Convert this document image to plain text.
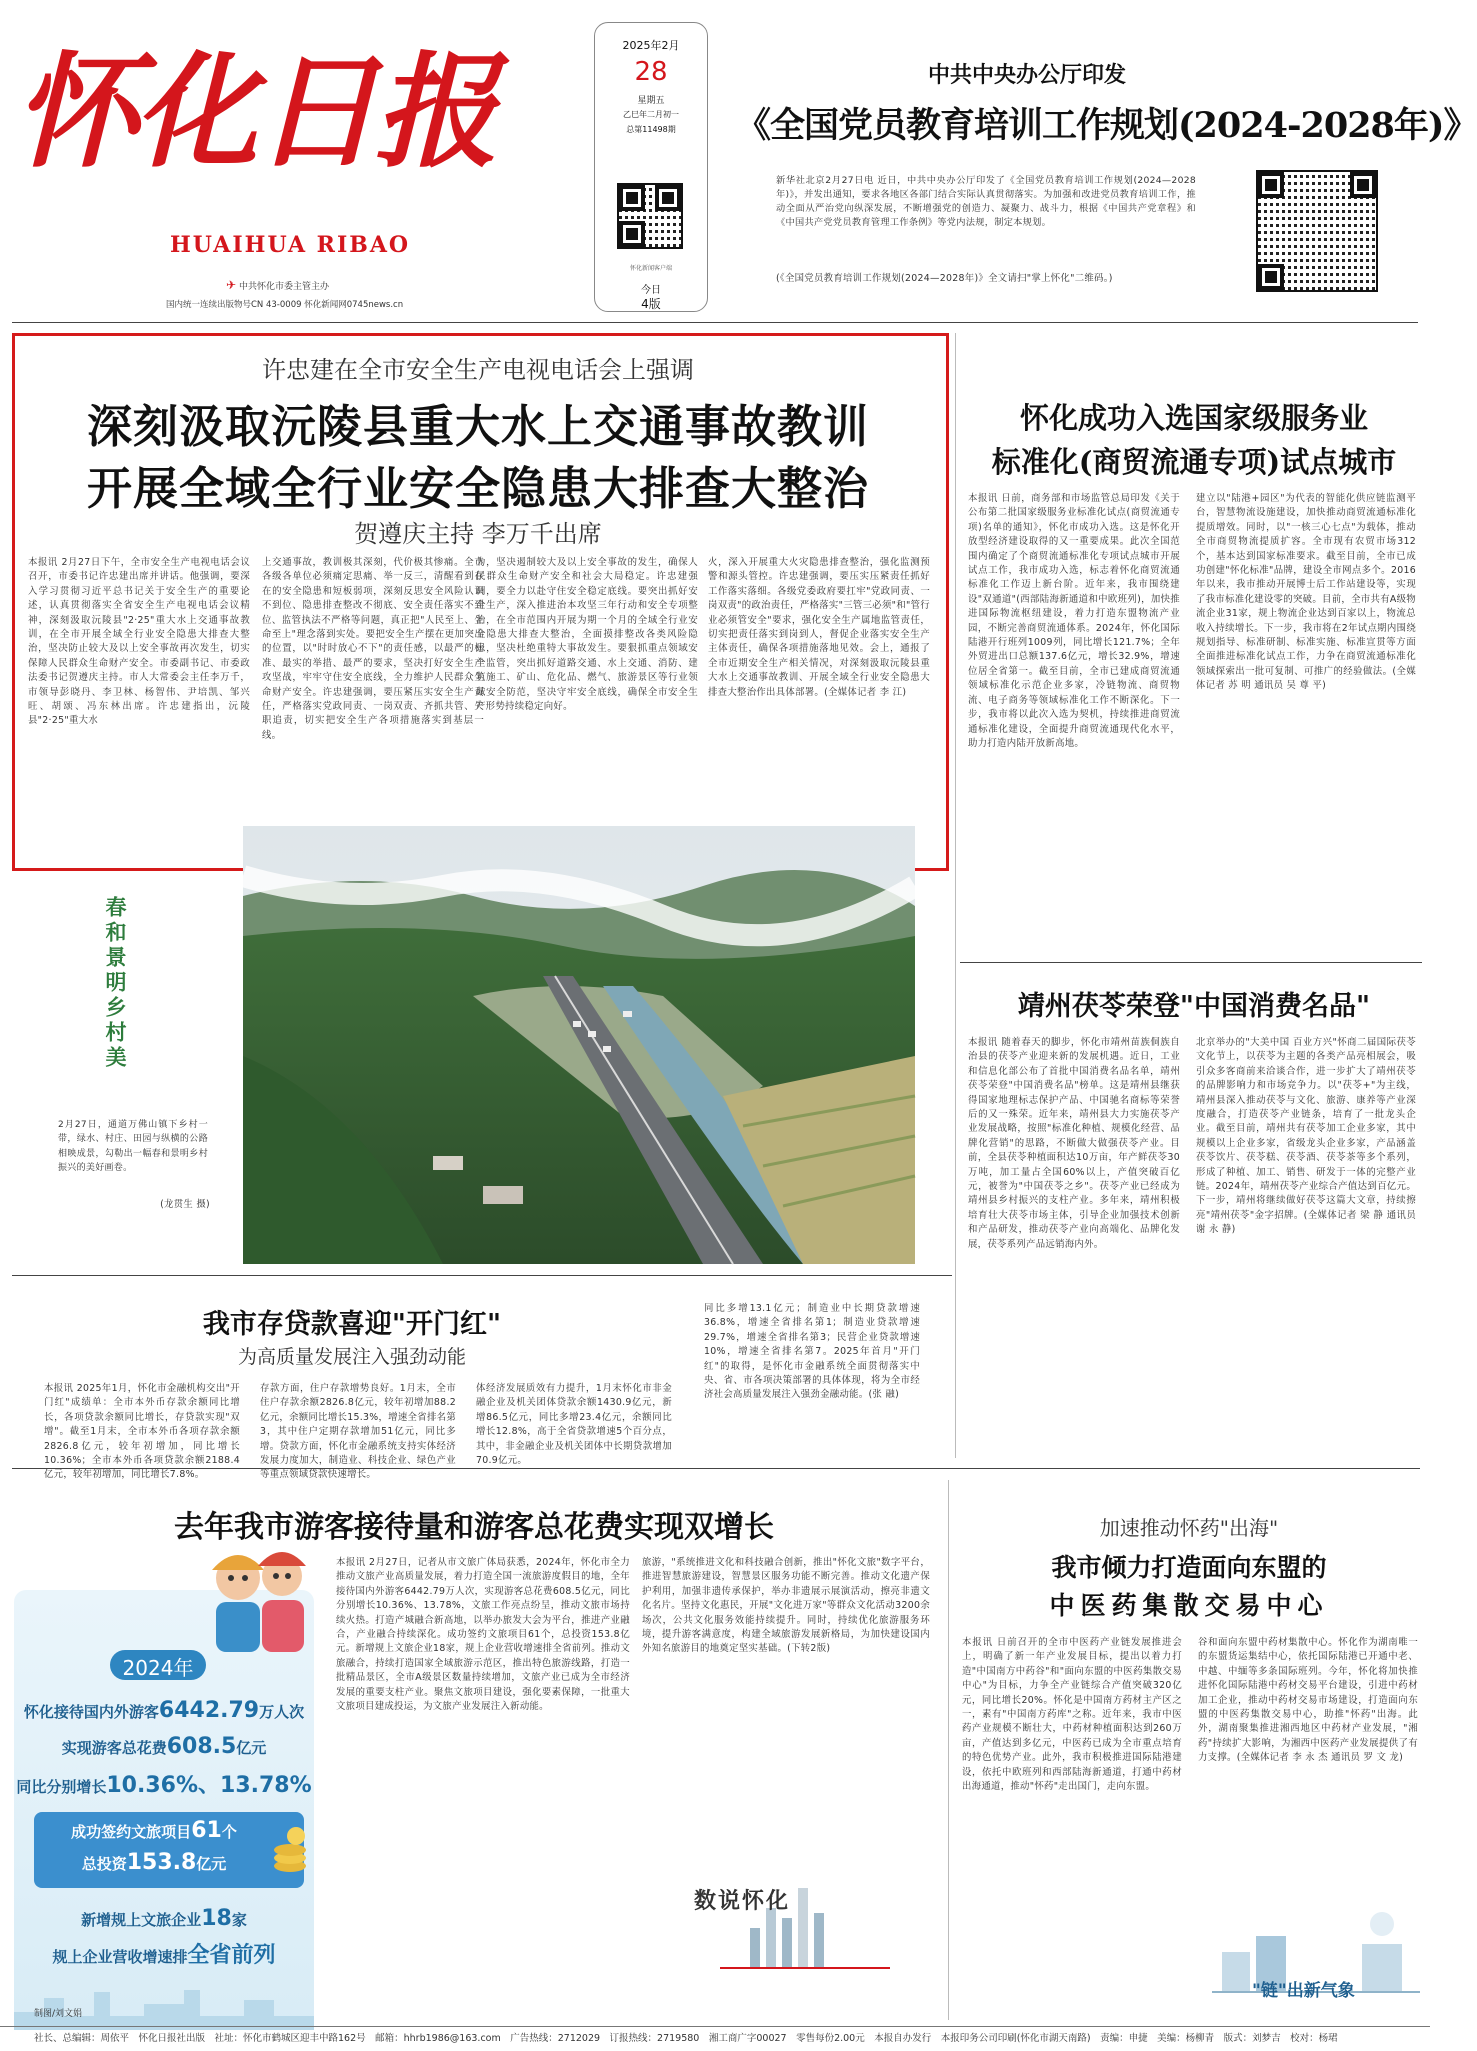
怀化日报
HUAIHUA RIBAO
✈ 中共怀化市委主管主办
国内统一连续出版物号CN 43-0009 怀化新闻网0745news.cn
2025年2月
28
星期五
乙巳年二月初一
总第11498期
怀化新闻客户端
今日
4版
中共中央办公厅印发
《全国党员教育培训工作规划(2024-2028年)》
新华社北京2月27日电 近日，中共中央办公厅印发了《全国党员教育培训工作规划(2024—2028年)》，并发出通知，要求各地区各部门结合实际认真贯彻落实。为加强和改进党员教育培训工作，推动全面从严治党向纵深发展，不断增强党的创造力、凝聚力、战斗力，根据《中国共产党章程》和《中国共产党党员教育管理工作条例》等党内法规，制定本规划。
(《全国党员教育培训工作规划(2024—2028年)》全文请扫"掌上怀化"二维码。)
许忠建在全市安全生产电视电话会上强调
深刻汲取沅陵县重大水上交通事故教训
开展全域全行业安全隐患大排查大整治
贺遵庆主持 李万千出席
本报讯 2月27日下午，全市安全生产电视电话会议召开，市委书记许忠建出席并讲话。他强调，要深入学习贯彻习近平总书记关于安全生产的重要论述，认真贯彻落实全省安全生产电视电话会议精神，深刻汲取沅陵县"2·25"重大水上交通事故教训，在全市开展全域全行业安全隐患大排查大整治，坚决防止较大及以上安全事故再次发生，切实保障人民群众生命财产安全。市委副书记、市委政法委书记贺遵庆主持。市人大常委会主任李万千，市领导彭晓丹、李卫林、杨智伟、尹培凯、邹兴旺、胡颂、冯东林出席。许忠建指出，沅陵县"2·25"重大水
上交通事故，教训极其深刻，代价极其惨痛。全市各级各单位必须痛定思痛、举一反三，清醒看到存在的安全隐患和短板弱项，深刻反思安全风险认识不到位、隐患排查整改不彻底、安全责任落实不到位、监管执法不严格等问题，真正把"人民至上、生命至上"理念落到实处。要把安全生产摆在更加突出的位置，以"时时放心不下"的责任感，以最严的标准、最实的举措、最严的要求，坚决打好安全生产攻坚战，牢牢守住安全底线，全力维护人民群众生命财产安全。许忠建强调，要压紧压实安全生产责任，严格落实党政同责、一岗双责、齐抓共管、失职追责，切实把安全生产各项措施落实到基层一线。
为，坚决遏制较大及以上安全事故的发生，确保人民群众生命财产安全和社会大局稳定。许忠建强调，要全力以赴守住安全稳定底线。要突出抓好安全生产，深入推进治本攻坚三年行动和安全专项整治，在全市范围内开展为期一个月的全域全行业安全隐患大排查大整治，全面摸排整改各类风险隐患，坚决杜绝重特大事故发生。要狠抓重点领域安全监管，突出抓好道路交通、水上交通、消防、建筑施工、矿山、危化品、燃气、旅游景区等行业领域安全防范，坚决守牢安全底线，确保全市安全生产形势持续稳定向好。
火，深入开展重大火灾隐患排查整治，强化监测预警和源头管控。许忠建强调，要压实压紧责任抓好工作落实落细。各级党委政府要扛牢"党政同责、一岗双责"的政治责任，严格落实"三管三必须"和"管行业必须管安全"要求，强化安全生产属地监管责任，切实把责任落实到岗到人，督促企业落实安全生产主体责任，确保各项措施落地见效。会上，通报了全市近期安全生产相关情况，对深刻汲取沅陵县重大水上交通事故教训、开展全域全行业安全隐患大排查大整治作出具体部署。(全媒体记者 李 江)
春和景明乡村美
2月27日，通道万佛山镇下乡村一带，绿水、村庄、田园与纵横的公路相映成景，勾勒出一幅春和景明乡村振兴的美好画卷。
(龙贯生 摄)
怀化成功入选国家级服务业
标准化(商贸流通专项)试点城市
本报讯 日前，商务部和市场监管总局印发《关于公布第二批国家级服务业标准化试点(商贸流通专项)名单的通知》，怀化市成功入选。这是怀化开放型经济建设取得的又一重要成果。此次全国范围内确定了个商贸流通标准化专项试点城市开展试点工作，我市成功入选，标志着怀化商贸流通标准化工作迈上新台阶。近年来，我市围绕建设"双通道"(西部陆海新通道和中欧班列)，加快推进国际物流枢纽建设，着力打造东盟物流产业园，不断完善商贸流通体系。2024年，怀化国际陆港开行班列1009列，同比增长121.7%；全年外贸进出口总额137.6亿元，增长32.9%，增速位居全省第一。截至目前，全市已建成商贸流通领域标准化示范企业多家，冷链物流、商贸物流、电子商务等领域标准化工作不断深化。下一步，我市将以此次入选为契机，持续推进商贸流通标准化建设，全面提升商贸流通现代化水平，助力打造内陆开放新高地。
建立以"陆港+园区"为代表的智能化供应链监测平台，智慧物流设施建设，加快推动商贸流通标准化提质增效。同时，以"一核三心七点"为载体，推动全市商贸物流提质扩容。全市现有农贸市场312个，基本达到国家标准要求。截至目前，全市已成功创建"怀化标准"品牌，建设全市网点多个。2016年以来，我市推动开展博士后工作站建设等，实现了我市标准化建设零的突破。目前，全市共有A级物流企业31家，规上物流企业达到百家以上，物流总收入持续增长。下一步，我市将在2年试点期内围绕规划指导、标准研制、标准实施、标准宣贯等方面全面推进标准化试点工作，力争在商贸流通标准化领域探索出一批可复制、可推广的经验做法。(全媒体记者 苏 明 通讯员 吴 尊 平)
靖州茯苓荣登"中国消费名品"
本报讯 随着春天的脚步，怀化市靖州苗族侗族自治县的茯苓产业迎来新的发展机遇。近日，工业和信息化部公布了首批中国消费名品名单，靖州茯苓荣登"中国消费名品"榜单。这是靖州县继获得国家地理标志保护产品、中国驰名商标等荣誉后的又一殊荣。近年来，靖州县大力实施茯苓产业发展战略，按照"标准化种植、规模化经营、品牌化营销"的思路，不断做大做强茯苓产业。目前，全县茯苓种植面积达10万亩，年产鲜茯苓30万吨，加工量占全国60%以上，产值突破百亿元，被誉为"中国茯苓之乡"。茯苓产业已经成为靖州县乡村振兴的支柱产业。多年来，靖州积极培育壮大茯苓市场主体，引导企业加强技术创新和产品研发，推动茯苓产业向高端化、品牌化发展，茯苓系列产品远销海内外。
北京举办的"大美中国 百业方兴"怀商二届国际茯苓文化节上，以茯苓为主题的各类产品亮相展会，吸引众多客商前来洽谈合作，进一步扩大了靖州茯苓的品牌影响力和市场竞争力。以"茯苓+"为主线，靖州县深入推动茯苓与文化、旅游、康养等产业深度融合，打造茯苓产业链条，培育了一批龙头企业。截至目前，靖州共有茯苓加工企业多家，其中规模以上企业多家，省级龙头企业多家，产品涵盖茯苓饮片、茯苓糕、茯苓酒、茯苓茶等多个系列，形成了种植、加工、销售、研发于一体的完整产业链。2024年，靖州茯苓产业综合产值达到百亿元。下一步，靖州将继续做好茯苓这篇大文章，持续擦亮"靖州茯苓"金字招牌。(全媒体记者 梁 静 通讯员 谢 永 静)
我市存贷款喜迎"开门红"
为高质量发展注入强劲动能
本报讯 2025年1月，怀化市金融机构交出"开门红"成绩单：全市本外币存款余额同比增长，各项贷款余额同比增长，存贷款实现"双增"。截至1月末，全市本外币各项存款余额2826.8亿元，较年初增加，同比增长10.36%；全市本外币各项贷款余额2188.4亿元，较年初增加，同比增长7.8%。
存款方面，住户存款增势良好。1月末，全市住户存款余额2826.8亿元，较年初增加88.2亿元，余额同比增长15.3%，增速全省排名第3，其中住户定期存款增加51亿元，同比多增。贷款方面，怀化市金融系统支持实体经济发展力度加大，制造业、科技企业、绿色产业等重点领域贷款快速增长。
体经济发展质效有力提升，1月末怀化市非金融企业及机关团体贷款余额1430.9亿元，新增86.5亿元，同比多增23.4亿元，余额同比增长12.8%，高于全省贷款增速5个百分点，其中，非金融企业及机关团体中长期贷款增加70.9亿元。
同比多增13.1亿元；制造业中长期贷款增速36.8%，增速全省排名第1；制造业贷款增速29.7%，增速全省排名第3；民营企业贷款增速10%，增速全省排名第7。2025年首月"开门红"的取得，是怀化市金融系统全面贯彻落实中央、省、市各项决策部署的具体体现，将为全市经济社会高质量发展注入强劲金融动能。(张 融)
去年我市游客接待量和游客总花费实现双增长
2024年
怀化接待国内外游客6442.79万人次
实现游客总花费608.5亿元
同比分别增长10.36%、13.78%
成功签约文旅项目61个
总投资153.8亿元
新增规上文旅企业18家
规上企业营收增速排全省前列
制图/刘文娟
本报讯 2月27日，记者从市文旅广体局获悉，2024年，怀化市全力推动文旅产业高质量发展，着力打造全国一流旅游度假目的地，全年接待国内外游客6442.79万人次，实现游客总花费608.5亿元，同比分别增长10.36%、13.78%，文旅工作亮点纷呈，推动文旅市场持续火热。打造产城融合新高地，以举办旅发大会为平台，推进产业融合，产业融合持续深化。成功签约文旅项目61个，总投资153.8亿元。新增规上文旅企业18家，规上企业营收增速排全省前列。推动文旅融合，持续打造国家全域旅游示范区，推出特色旅游线路，打造一批精品景区，全市A级景区数量持续增加，文旅产业已成为全市经济发展的重要支柱产业。聚焦文旅项目建设，强化要素保障，一批重大文旅项目建成投运，为文旅产业发展注入新动能。
旅游，"系统推进文化和科技融合创新，推出"怀化文旅"数字平台，推进智慧旅游建设，智慧景区服务功能不断完善。推动文化遗产保护利用，加强非遗传承保护，举办非遗展示展演活动，擦亮非遗文化名片。坚持文化惠民，开展"文化进万家"等群众文化活动3200余场次，公共文化服务效能持续提升。同时，持续优化旅游服务环境，提升游客满意度，构建全域旅游发展新格局，为加快建设国内外知名旅游目的地奠定坚实基础。(下转2版)
数说怀化
加速推动怀药"出海"
我市倾力打造面向东盟的
中医药集散交易中心
本报讯 日前召开的全市中医药产业链发展推进会上，明确了新一年产业发展目标，提出以着力打造"中国南方中药谷"和"面向东盟的中医药集散交易中心"为目标，力争全产业链综合产值突破320亿元，同比增长20%。怀化是中国南方药材主产区之一，素有"中国南方药库"之称。近年来，我市中医药产业规模不断壮大，中药材种植面积达到260万亩，产值达到多亿元，中医药已成为全市重点培育的特色优势产业。此外，我市积极推进国际陆港建设，依托中欧班列和西部陆海新通道，打通中药材出海通道，推动"怀药"走出国门，走向东盟。
谷和面向东盟中药材集散中心。怀化作为湖南唯一的东盟货运集结中心，依托国际陆港已开通中老、中越、中缅等多条国际班列。今年，怀化将加快推进怀化国际陆港中药材交易平台建设，引进中药材加工企业，推动中药材交易市场建设，打造面向东盟的中医药集散交易中心，助推"怀药"出海。此外，湖南聚集推进湘西地区中药材产业发展，"湘药"持续扩大影响，为湘西中医药产业发展提供了有力支撑。(全媒体记者 李 永 杰 通讯员 罗 文 龙)
"链"出新气象
社长、总编辑：周依平　怀化日报社出版　社址：怀化市鹤城区迎丰中路162号　邮箱：hhrb1986@163.com　广告热线：2712029　订报热线：2719580　湘工商广字00027　零售每份2.00元　本报自办发行　本报印务公司印刷(怀化市湖天南路)　责编：申捷　美编：杨柳青　版式：刘梦吉　校对：杨珺
